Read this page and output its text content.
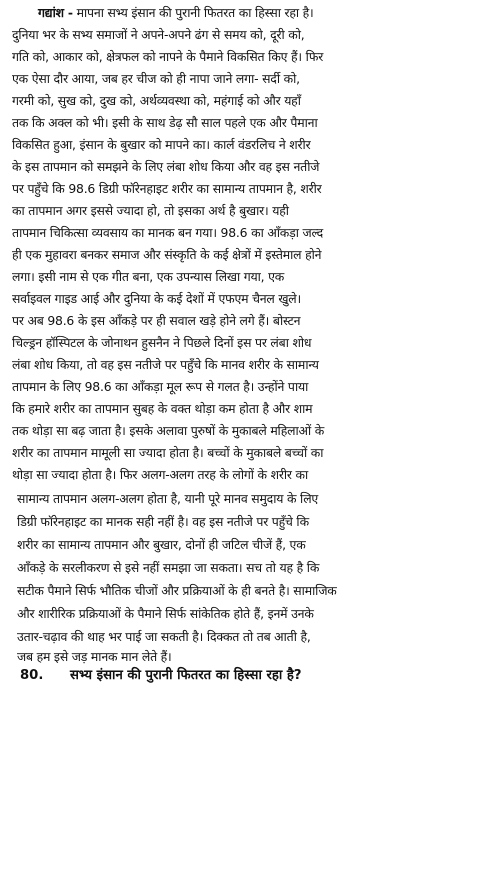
गद्यांश - मापना सभ्य इंसान की पुरानी फितरत का हिस्सा रहा है।
दुनिया भर के सभ्य समाजों ने अपने-अपने ढंग से समय को, दूरी को,
गति को, आकार को, क्षेत्रफल को नापने के पैमाने विकसित किए हैं। फिर
एक ऐसा दौर आया, जब हर चीज को ही नापा जाने लगा- सर्दी को,
गरमी को, सुख को, दुख को, अर्थव्यवस्था को, महंगाई को और यहाँ
तक कि अक्ल को भी। इसी के साथ डेढ़ सौ साल पहले एक और पैमाना
विकसित हुआ, इंसान के बुखार को मापने का। कार्ल वंडरलिच ने शरीर
के इस तापमान को समझने के लिए लंबा शोध किया और वह इस नतीजे
पर पहुँचे कि 98.6 डिग्री फॉरेनहाइट शरीर का सामान्य तापमान है, शरीर
का तापमान अगर इससे ज्यादा हो, तो इसका अर्थ है बुखार। यही
तापमान चिकित्सा व्यवसाय का मानक बन गया। 98.6 का आँकड़ा जल्द
ही एक मुहावरा बनकर समाज और संस्कृति के कई क्षेत्रों में इस्तेमाल होने
लगा। इसी नाम से एक गीत बना, एक उपन्यास लिखा गया, एक
सर्वाइवल गाइड आई और दुनिया के कई देशों में एफएम चैनल खुले।
पर अब 98.6 के इस आँकड़े पर ही सवाल खड़े होने लगे हैं। बोस्टन
चिल्ड्रन हॉस्पिटल के जोनाथन हुसनैन ने पिछले दिनों इस पर लंबा शोध
लंबा शोध किया, तो वह इस नतीजे पर पहुँचे कि मानव शरीर के सामान्य
तापमान के लिए 98.6 का आँकड़ा मूल रूप से गलत है। उन्होंने पाया
कि हमारे शरीर का तापमान सुबह के वक्त थोड़ा कम होता है और शाम
तक थोड़ा सा बढ़ जाता है। इसके अलावा पुरुषों के मुकाबले महिलाओं के
शरीर का तापमान मामूली सा ज्यादा होता है। बच्चों के मुकाबले बच्चों का
थोड़ा सा ज्यादा होता है। फिर अलग-अलग तरह के लोगों के शरीर का
सामान्य तापमान अलग-अलग होता है, यानी पूरे मानव समुदाय के लिए
डिग्री फॉरेनहाइट का मानक सही नहीं है। वह इस नतीजे पर पहुँचे कि
शरीर का सामान्य तापमान और बुखार, दोनों ही जटिल चीजें हैं, एक
आँकड़े के सरलीकरण से इसे नहीं समझा जा सकता। सच तो यह है कि
सटीक पैमाने सिर्फ भौतिक चीजों और प्रक्रियाओं के ही बनते है। सामाजिक
और शारीरिक प्रक्रियाओं के पैमाने सिर्फ सांकेतिक होते हैं, इनमें उनके
उतार-चढ़ाव की थाह भर पाई जा सकती है। दिक्कत तो तब आती है,
जब हम इसे जड़ मानक मान लेते हैं।
80. सभ्य इंसान की पुरानी फितरत का हिस्सा रहा है?
